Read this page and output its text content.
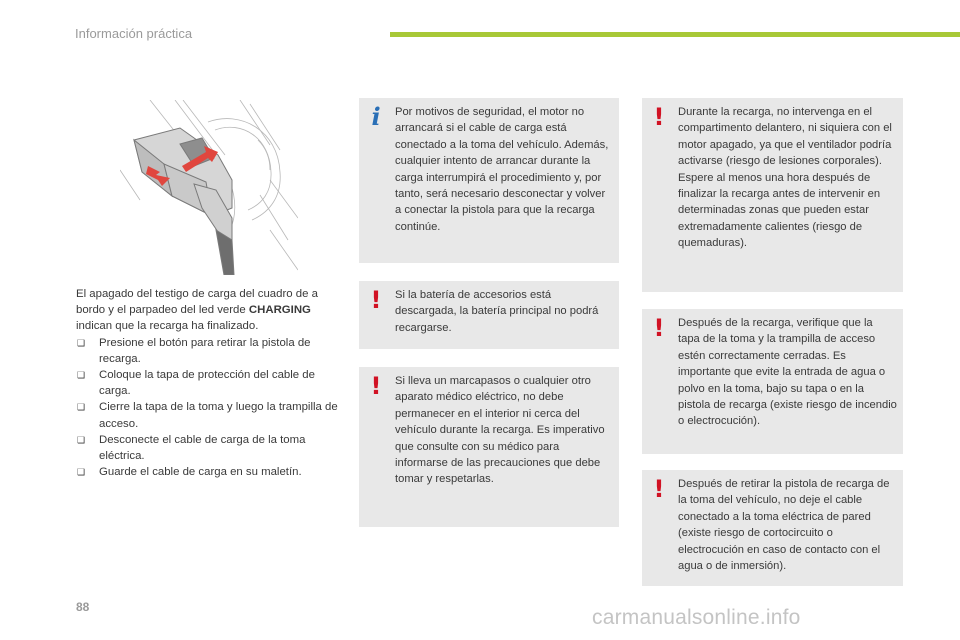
Información práctica

El apagado del testigo de carga del cuadro de a bordo y el parpadeo del led verde CHARGING indican que la recarga ha finalizado.

❑ Presione el botón para retirar la pistola de recarga.
❑ Coloque la tapa de protección del cable de carga.
❑ Cierre la tapa de la toma y luego la trampilla de acceso.
❑ Desconecte el cable de carga de la toma eléctrica.
❑ Guarde el cable de carga en su maletín.
i Por motivos de seguridad, el motor no arrancará si el cable de carga está conectado a la toma del vehículo. Además, cualquier intento de arrancar durante la carga interrumpirá el procedimiento y, por tanto, será necesario desconectar y volver a conectar la pistola para que la recarga continúe.
! Si la batería de accesorios está descargada, la batería principal no podrá recargarse.
! Si lleva un marcapasos o cualquier otro aparato médico eléctrico, no debe permanecer en el interior ni cerca del vehículo durante la recarga. Es imperativo que consulte con su médico para informarse de las precauciones que debe tomar y respetarlas.
! Durante la recarga, no intervenga en el compartimento delantero, ni siquiera con el motor apagado, ya que el ventilador podría activarse (riesgo de lesiones corporales). Espere al menos una hora después de finalizar la recarga antes de intervenir en determinadas zonas que pueden estar extremadamente calientes (riesgo de quemaduras).
! Después de la recarga, verifique que la tapa de la toma y la trampilla de acceso estén correctamente cerradas. Es importante que evite la entrada de agua o polvo en la toma, bajo su tapa o en la pistola de recarga (existe riesgo de incendio o electrocución).
! Después de retirar la pistola de recarga de la toma del vehículo, no deje el cable conectado a la toma eléctrica de pared (existe riesgo de cortocircuito o electrocución en caso de contacto con el agua o de inmersión).
88	carmanualsonline.info
